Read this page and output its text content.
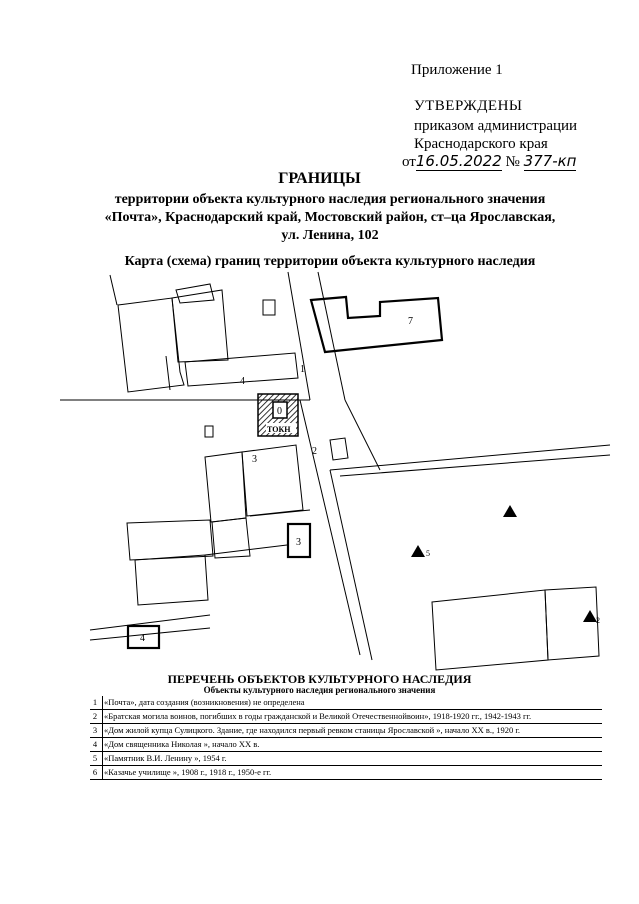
Приложение 1
УТВЕРЖДЕНЫ
приказом администрации
Краснодарского края
от16.05.2022 № 377-кп
ГРАНИЦЫ
территории объекта культурного наследия регионального значения
«Почта», Краснодарский край, Мостовский район, ст–ца Ярославская,
ул. Ленина, 102
Карта (схема) границ территории объекта культурного наследия
0
ТОКН
1
2
3
3
4
4
5
7
2
ПЕРЕЧЕНЬ ОБЪЕКТОВ КУЛЬТУРНОГО НАСЛЕДИЯ
Объекты культурного наследия регионального значения
1 «Почта», дата создания (возникновения) не определена
2 «Братская могила воинов, погибших в годы гражданской и Великой Отечественнойвоин», 1918-1920 гг., 1942-1943 гг.
3 «Дом жилой купца Сулицкого. Здание, где находился первый ревком станицы Ярославской », начало XX в., 1920 г.
4 «Дом священника Николая », начало XX в.
5 «Памятник В.И. Ленину », 1954 г.
6 «Казачье училище », 1908 г., 1918 г., 1950-е гг.
